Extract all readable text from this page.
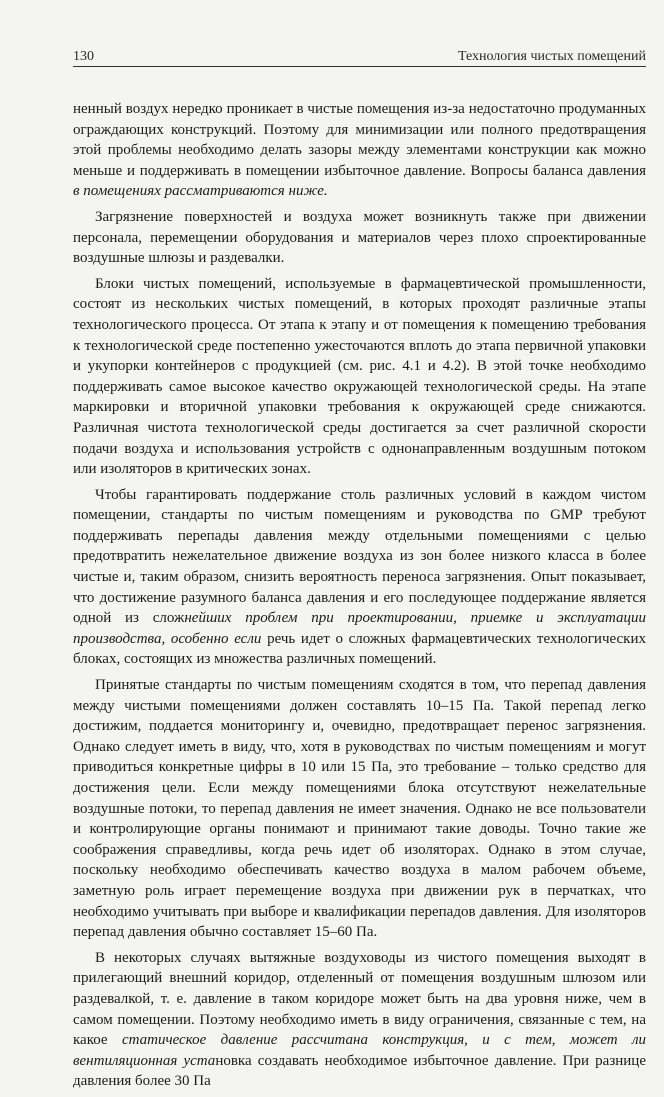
130	Технология чистых помещений

ненный воздух нередко проникает в чистые помещения из-за недостаточно продуманных ограждающих конструкций. Поэтому для минимизации или полного предотвращения этой проблемы необходимо делать зазоры между элементами конструкции как можно меньше и поддерживать в помещении избыточное давление. Вопросы баланса давления в помещениях рассматриваются ниже.

Загрязнение поверхностей и воздуха может возникнуть также при движении персонала, перемещении оборудования и материалов через плохо спроектированные воздушные шлюзы и раздевалки.

Блоки чистых помещений, используемые в фармацевтической промышленности, состоят из нескольких чистых помещений, в которых проходят различные этапы технологического процесса. От этапа к этапу и от помещения к помещению требования к технологической среде постепенно ужесточаются вплоть до этапа первичной упаковки и укупорки контейнеров с продукцией (см. рис. 4.1 и 4.2). В этой точке необходимо поддерживать самое высокое качество окружающей технологической среды. На этапе маркировки и вторичной упаковки требования к окружающей среде снижаются. Различная чистота технологической среды достигается за счет различной скорости подачи воздуха и использования устройств с однонаправленным воздушным потоком или изоляторов в критических зонах.

Чтобы гарантировать поддержание столь различных условий в каждом чистом помещении, стандарты по чистым помещениям и руководства по GMP требуют поддерживать перепады давления между отдельными помещениями с целью предотвратить нежелательное движение воздуха из зон более низкого класса в более чистые и, таким образом, снизить вероятность переноса загрязнения. Опыт показывает, что достижение разумного баланса давления и его последующее поддержание является одной из сложнейших проблем при проектировании, приемке и эксплуатации производства, особенно если речь идет о сложных фармацевтических технологических блоках, состоящих из множества различных помещений.

Принятые стандарты по чистым помещениям сходятся в том, что перепад давления между чистыми помещениями должен составлять 10–15 Па. Такой перепад легко достижим, поддается мониторингу и, очевидно, предотвращает перенос загрязнения. Однако следует иметь в виду, что, хотя в руководствах по чистым помещениям и могут приводиться конкретные цифры в 10 или 15 Па, это требование – только средство для достижения цели. Если между помещениями блока отсутствуют нежелательные воздушные потоки, то перепад давления не имеет значения. Однако не все пользователи и контролирующие органы понимают и принимают такие доводы. Точно такие же соображения справедливы, когда речь идет об изоляторах. Однако в этом случае, поскольку необходимо обеспечивать качество воздуха в малом рабочем объеме, заметную роль играет перемещение воздуха при движении рук в перчатках, что необходимо учитывать при выборе и квалификации перепадов давления. Для изоляторов перепад давления обычно составляет 15–60 Па.

В некоторых случаях вытяжные воздуховоды из чистого помещения выходят в прилегающий внешний коридор, отделенный от помещения воздушным шлюзом или раздевалкой, т. е. давление в таком коридоре может быть на два уровня ниже, чем в самом помещении. Поэтому необходимо иметь в виду ограничения, связанные с тем, на какое статическое давление рассчитана конструкция, и с тем, может ли вентиляционная установка создавать необходимое избыточное давление. При разнице давления более 30 Па
